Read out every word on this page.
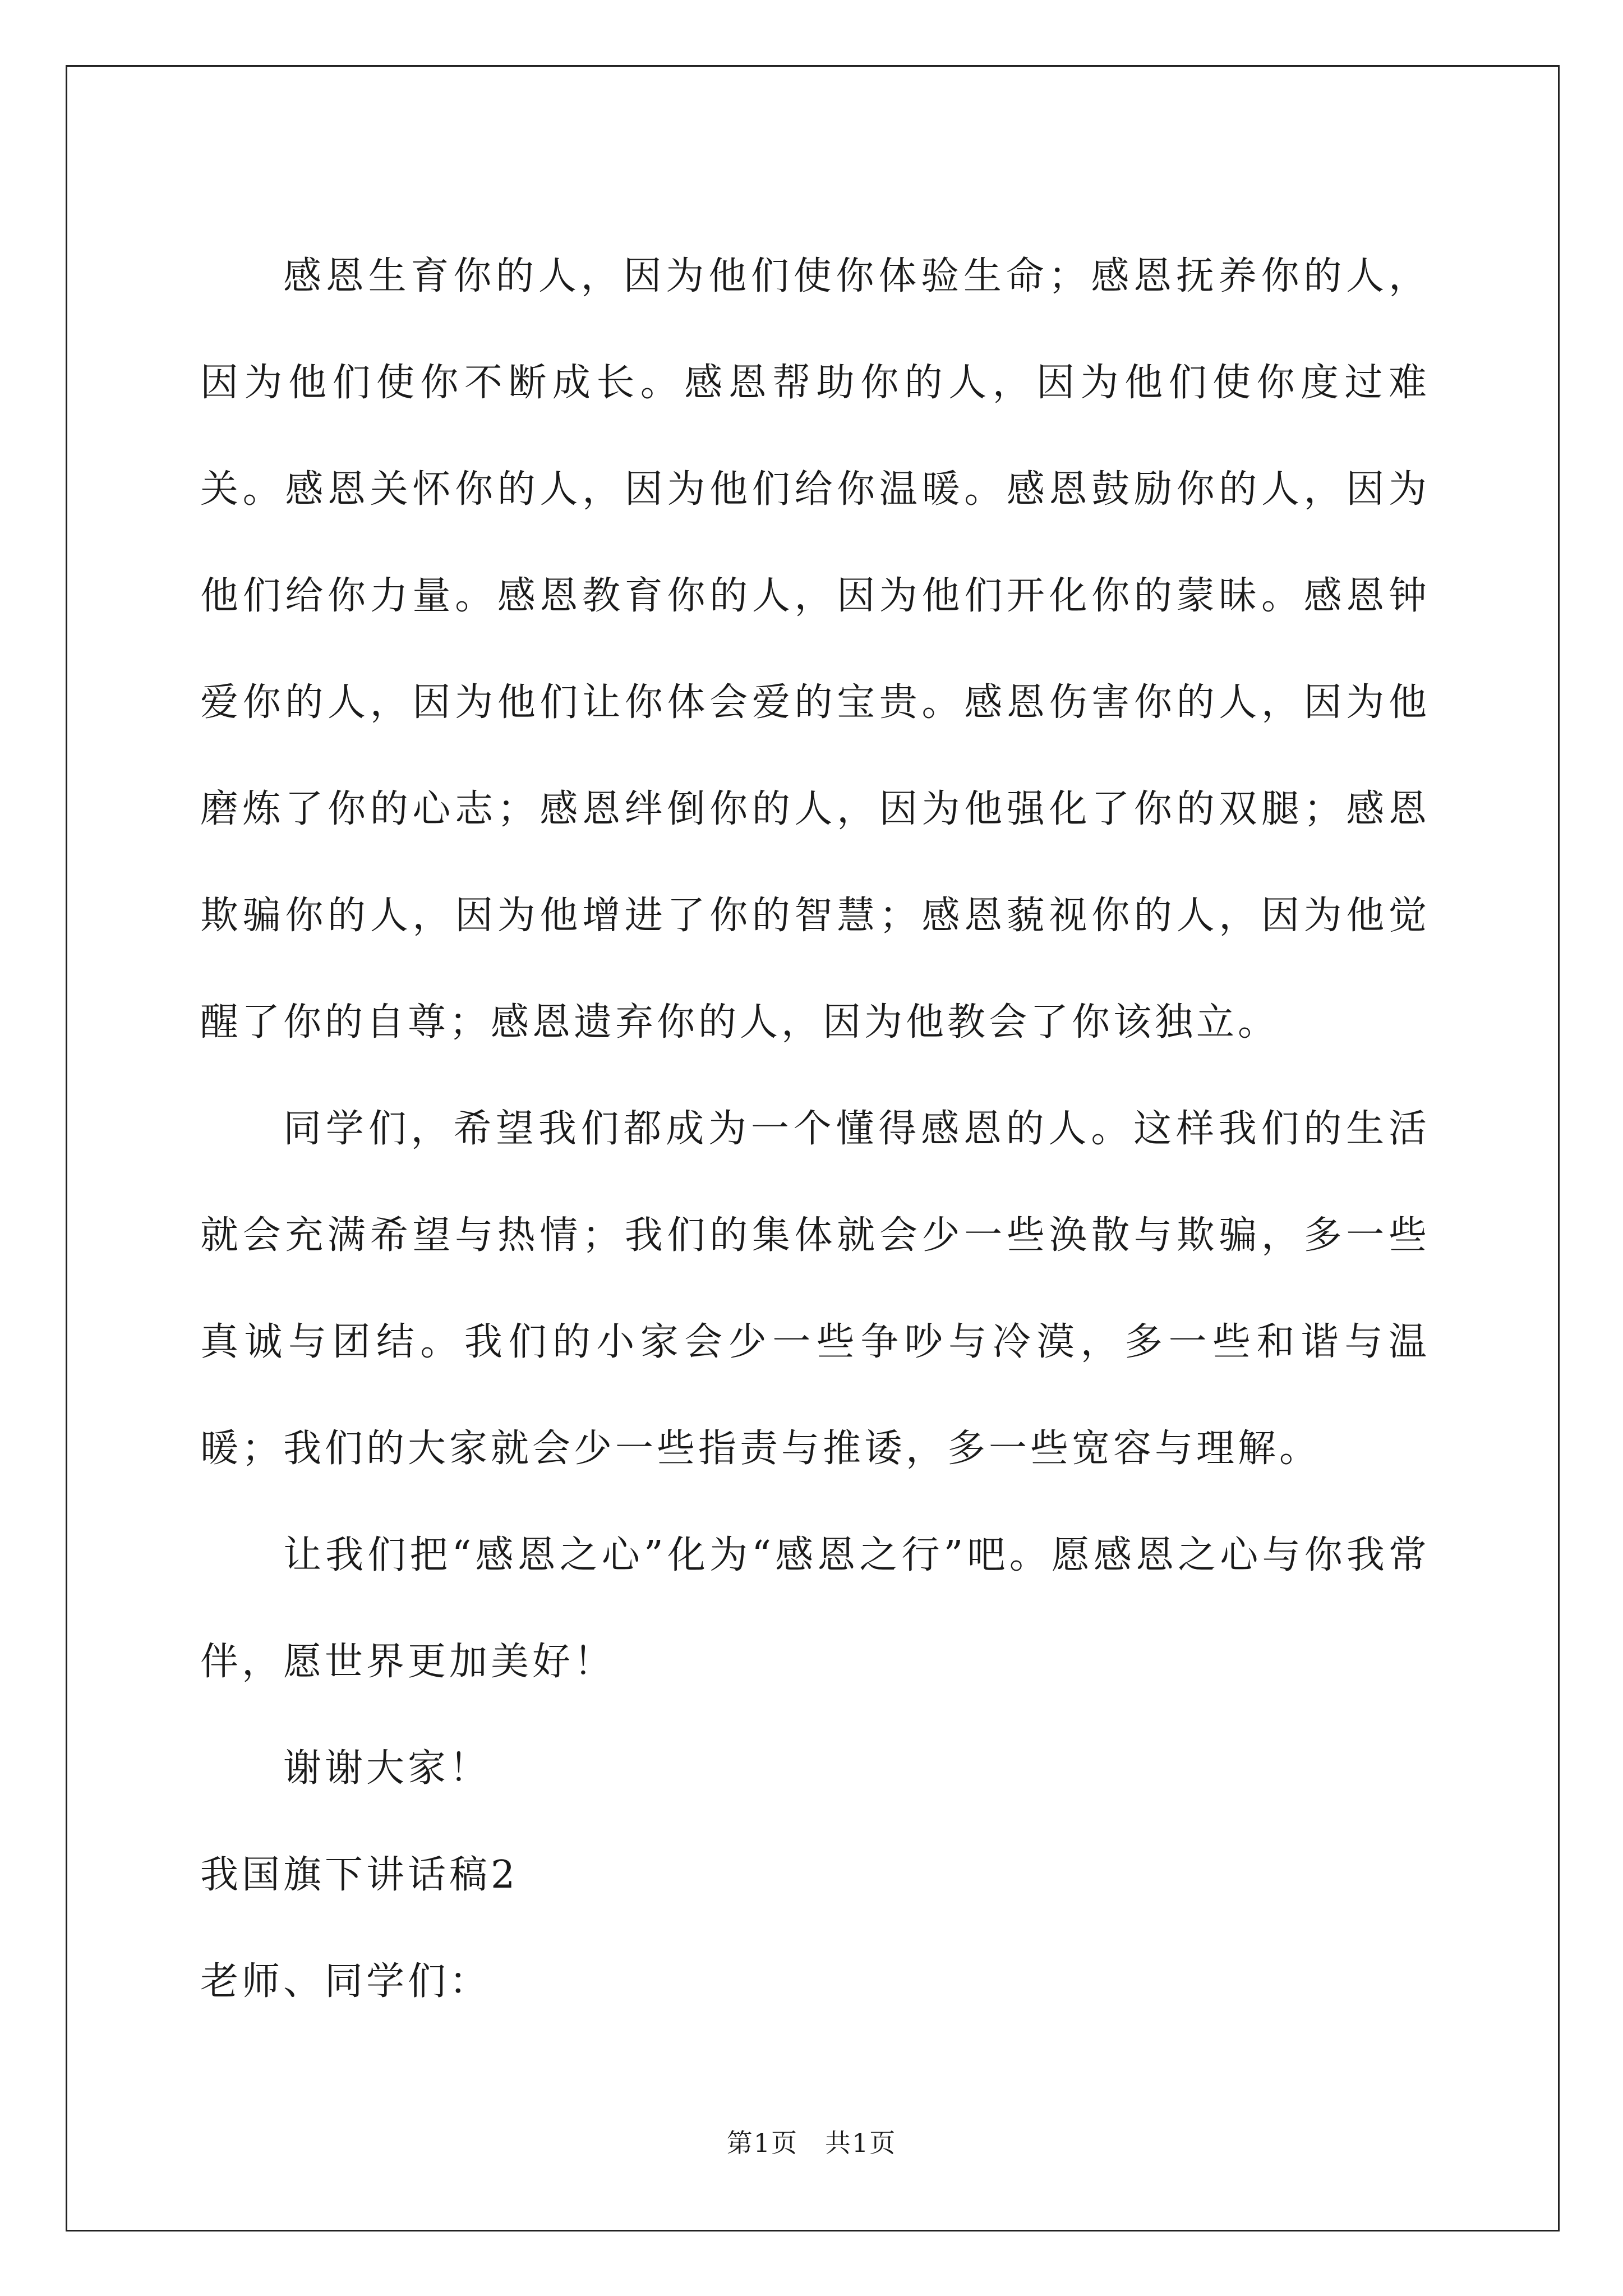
感恩生育你的人，因为他们使你体验生命；感恩抚养你的人，因为他们使你不断成长。感恩帮助你的人，因为他们使你度过难关。感恩关怀你的人，因为他们给你温暖。感恩鼓励你的人，因为他们给你力量。感恩教育你的人，因为他们开化你的蒙昧。感恩钟爱你的人，因为他们让你体会爱的宝贵。感恩伤害你的人，因为他磨炼了你的心志；感恩绊倒你的人，因为他强化了你的双腿；感恩欺骗你的人，因为他增进了你的智慧；感恩藐视你的人，因为他觉醒了你的自尊；感恩遗弃你的人，因为他教会了你该独立。

同学们，希望我们都成为一个懂得感恩的人。这样我们的生活就会充满希望与热情；我们的集体就会少一些涣散与欺骗，多一些真诚与团结。我们的小家会少一些争吵与冷漠，多一些和谐与温暖；我们的大家就会少一些指责与推诿，多一些宽容与理解。

让我们把“感恩之心”化为“感恩之行”吧。愿感恩之心与你我常伴，愿世界更加美好！

谢谢大家！

我国旗下讲话稿2

老师、同学们：

第1页　共1页
